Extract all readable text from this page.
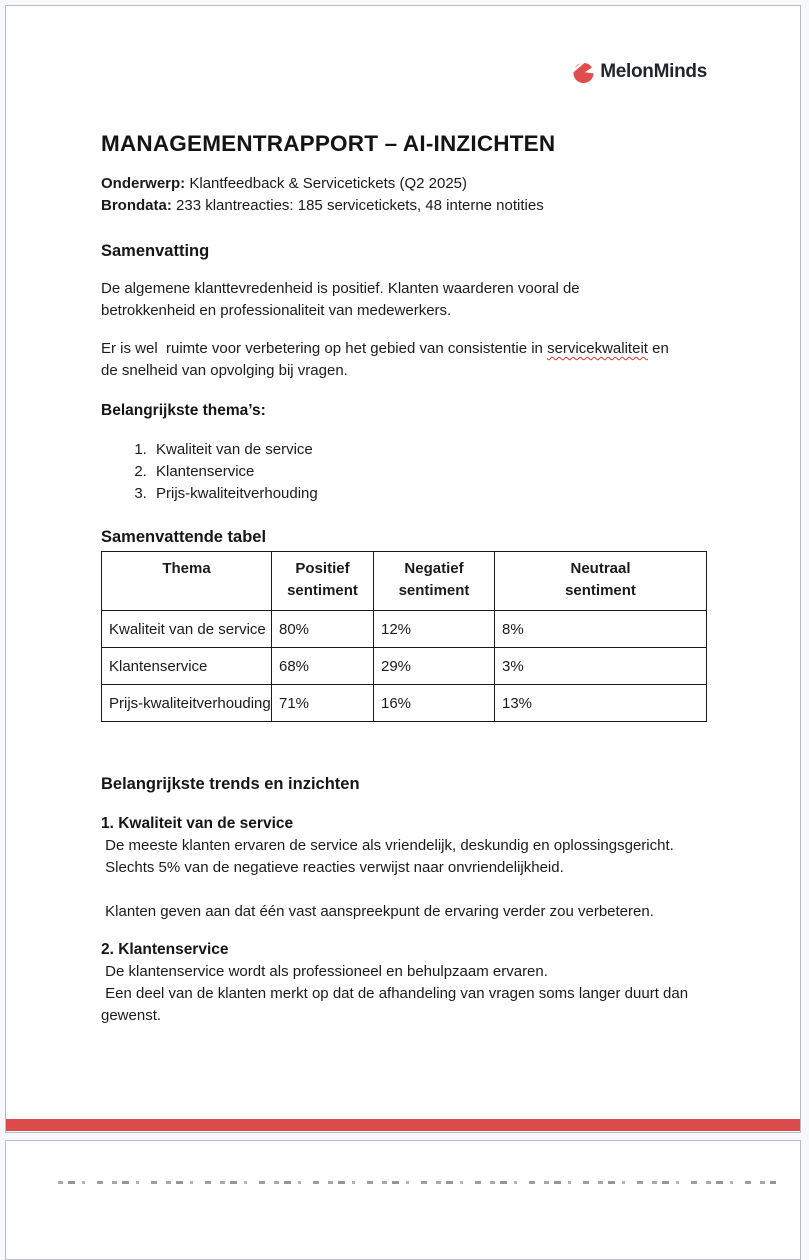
MelonMinds
MANAGEMENTRAPPORT – AI-INZICHTEN

Onderwerp: Klantfeedback & Servicetickets (Q2 2025)

Brondata: 233 klantreacties: 185 servicetickets, 48 interne notities

Samenvatting

De algemene klanttevredenheid is positief. Klanten waarderen vooral de
betrokkenheid en professionaliteit van medewerkers.

Er is wel  ruimte voor verbetering op het gebied van consistentie in servicekwaliteit en
de snelheid van opvolging bij vragen.

Belangrijkste thema’s:
1. Kwaliteit van de service
2. Klantenservice
3. Prijs-kwaliteitverhouding
Samenvattende tabel
Thema	Positief sentiment	Negatief sentiment	Neutraal sentiment
Kwaliteit van de service	80%	12%	8%
Klantenservice	68%	29%	3%
Prijs-kwaliteitverhouding	71%	16%	13%
Belangrijkste trends en inzichten
1. Kwaliteit van de service

De meeste klanten ervaren de service als vriendelijk, deskundig en oplossingsgericht.
Slechts 5% van de negatieve reacties verwijst naar onvriendelijkheid.

Klanten geven aan dat één vast aanspreekpunt de ervaring verder zou verbeteren.

2. Klantenservice

De klantenservice wordt als professioneel en behulpzaam ervaren.
Een deel van de klanten merkt op dat de afhandeling van vragen soms langer duurt dan
gewenst.
